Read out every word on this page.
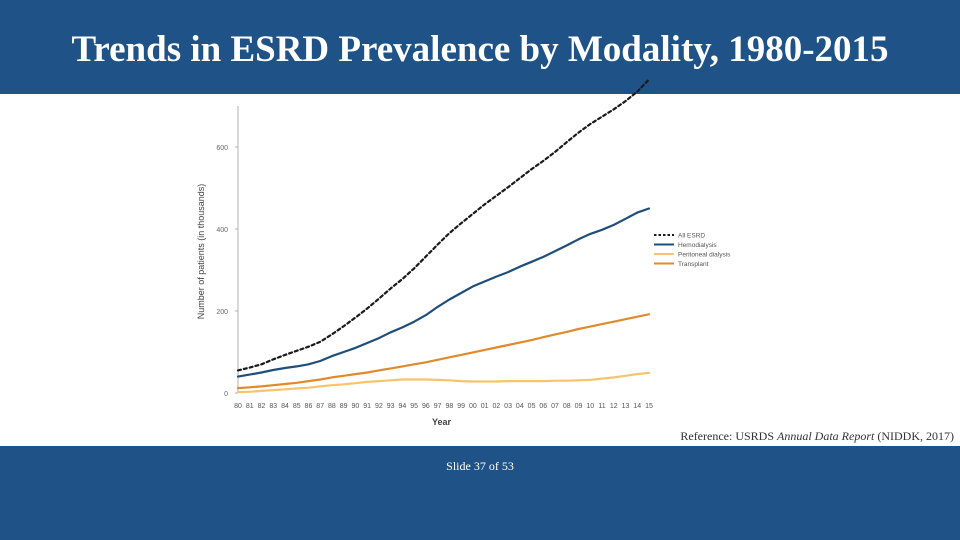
Trends in ESRD Prevalence by Modality, 1980-2015
All ESRD
Hemodialysis
Peritoneal dialysis
Transplant
0
200
400
600
80 81 82 83 84 85 86 87 88 89 90 91 92 93 94 95 96 97 98 99 00 01 02 03 04 05 06 07 08 09 10 11 12 13 14 15
Year
Number of patients (in thousands)
Reference: USRDS Annual Data Report (NIDDK, 2017)
Slide 37 of 53
